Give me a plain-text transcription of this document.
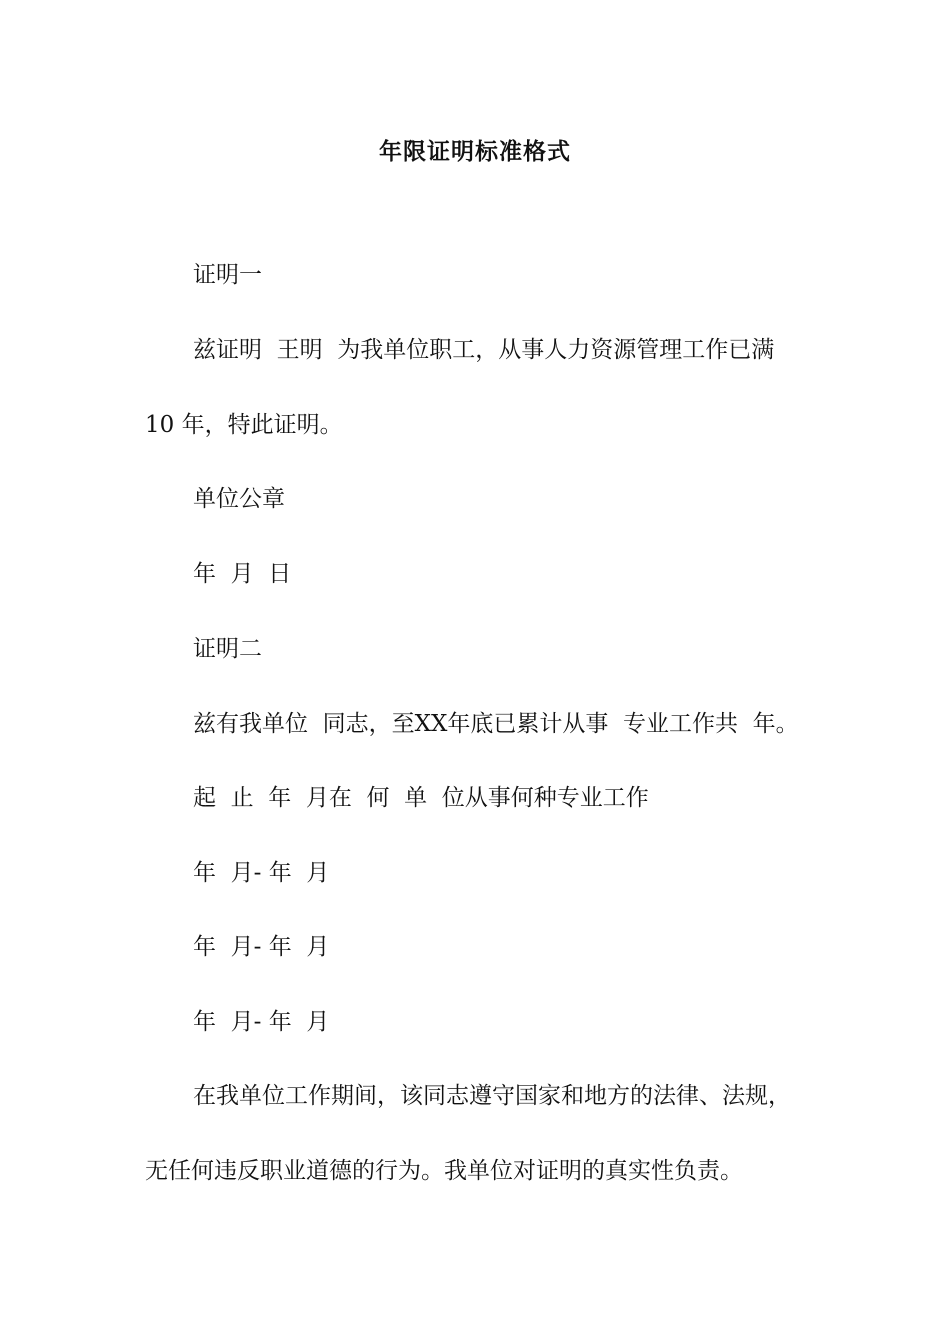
年限证明标准格式
证明一
兹证明  王明  为我单位职工，从事人力资源管理工作已满
10 年，特此证明。
单位公章
年  月  日
证明二
兹有我单位  同志，至XX年底已累计从事  专业工作共  年。
起  止  年  月在  何  单  位从事何种专业工作
年  月- 年  月
年  月- 年  月
年  月- 年  月
在我单位工作期间，该同志遵守国家和地方的法律、法规，
无任何违反职业道德的行为。我单位对证明的真实性负责。
